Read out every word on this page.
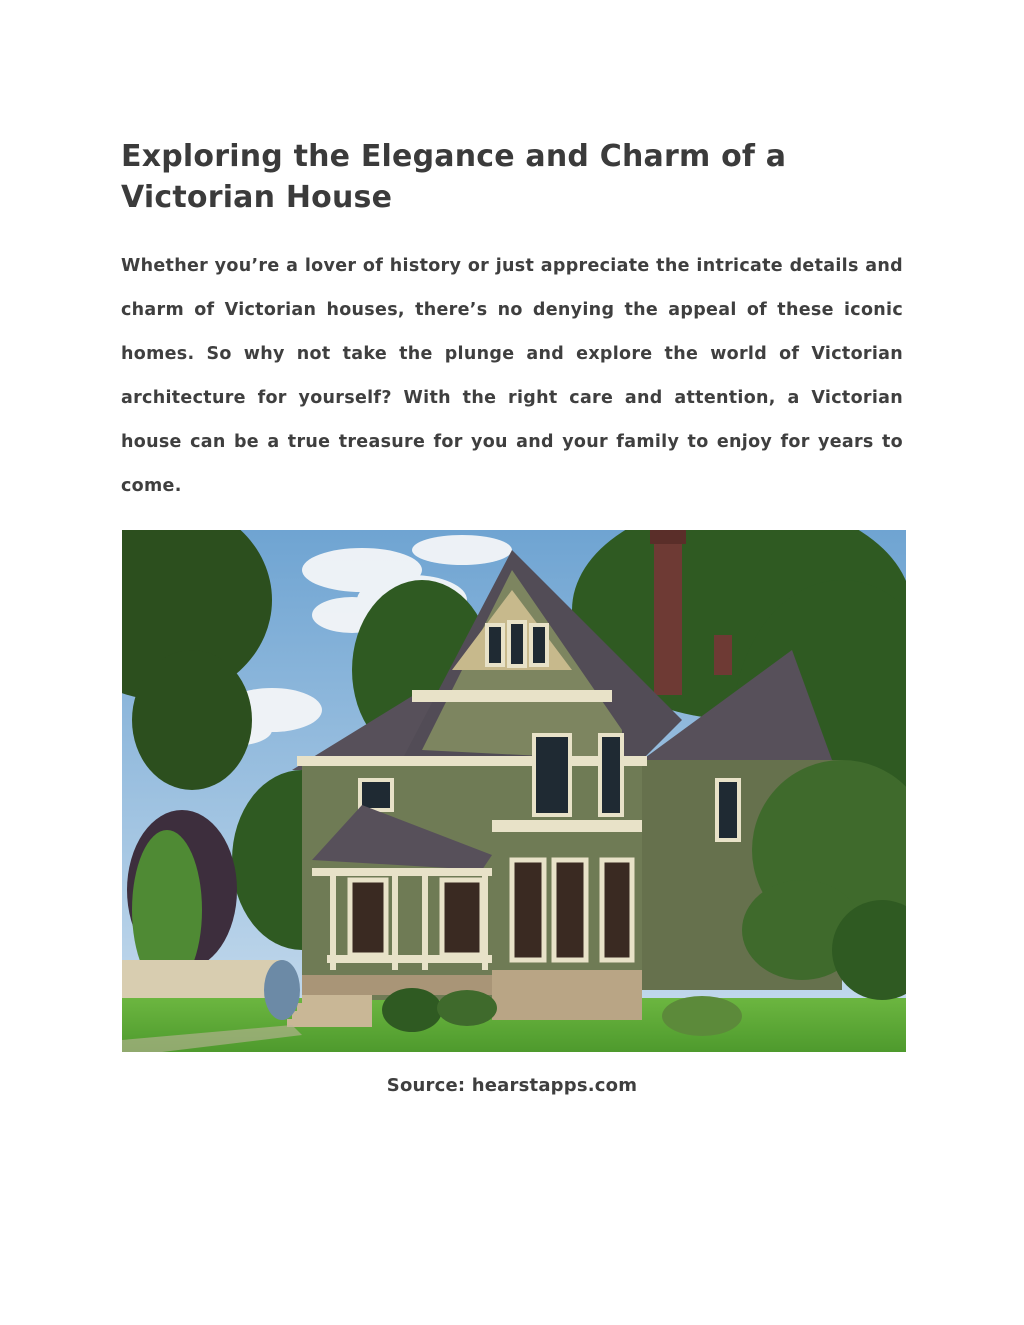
Exploring the Elegance and Charm of a Victorian House

Whether you’re a lover of history or just appreciate the intricate details and charm of Victorian houses, there’s no denying the appeal of these iconic homes. So why not take the plunge and explore the world of Victorian architecture for yourself? With the right care and attention, a Victorian house can be a true treasure for you and your family to enjoy for years to come.

Source: hearstapps.com
